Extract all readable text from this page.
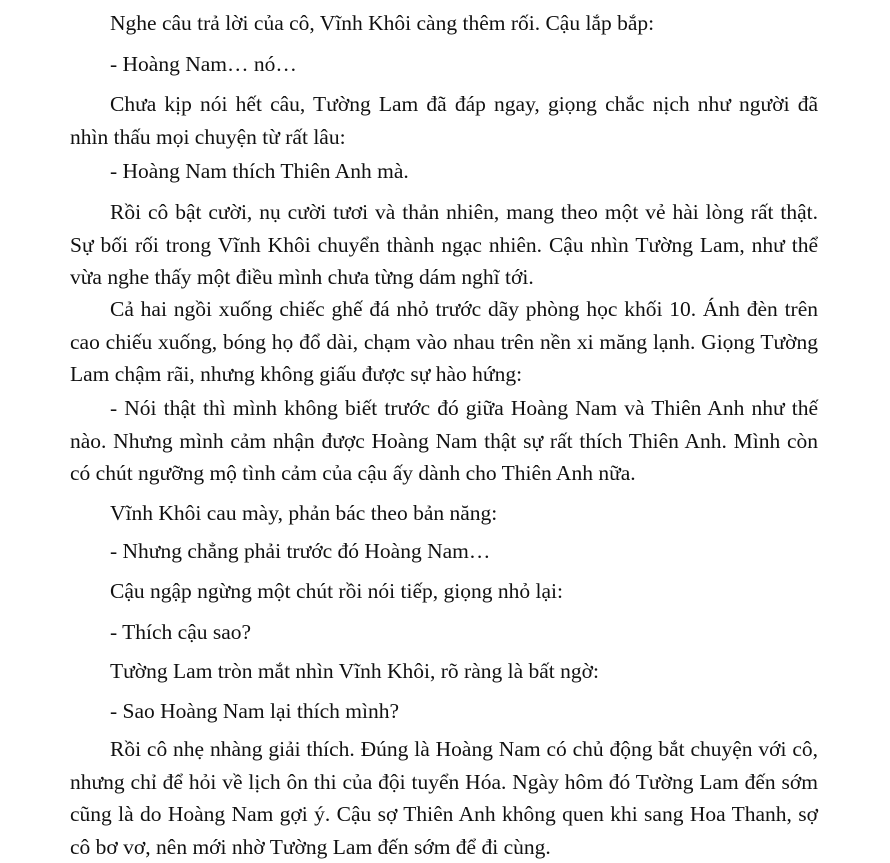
Nghe câu trả lời của cô, Vĩnh Khôi càng thêm rối. Cậu lắp bắp:

- Hoàng Nam… nó…

Chưa kịp nói hết câu, Tường Lam đã đáp ngay, giọng chắc nịch như người đã nhìn thấu mọi chuyện từ rất lâu:

- Hoàng Nam thích Thiên Anh mà.

Rồi cô bật cười, nụ cười tươi và thản nhiên, mang theo một vẻ hài lòng rất thật. Sự bối rối trong Vĩnh Khôi chuyển thành ngạc nhiên. Cậu nhìn Tường Lam, như thể vừa nghe thấy một điều mình chưa từng dám nghĩ tới.

Cả hai ngồi xuống chiếc ghế đá nhỏ trước dãy phòng học khối 10. Ánh đèn trên cao chiếu xuống, bóng họ đổ dài, chạm vào nhau trên nền xi măng lạnh. Giọng Tường Lam chậm rãi, nhưng không giấu được sự hào hứng:

- Nói thật thì mình không biết trước đó giữa Hoàng Nam và Thiên Anh như thế nào. Nhưng mình cảm nhận được Hoàng Nam thật sự rất thích Thiên Anh. Mình còn có chút ngưỡng mộ tình cảm của cậu ấy dành cho Thiên Anh nữa.

Vĩnh Khôi cau mày, phản bác theo bản năng:

- Nhưng chẳng phải trước đó Hoàng Nam…

Cậu ngập ngừng một chút rồi nói tiếp, giọng nhỏ lại:

- Thích cậu sao?

Tường Lam tròn mắt nhìn Vĩnh Khôi, rõ ràng là bất ngờ:

- Sao Hoàng Nam lại thích mình?

Rồi cô nhẹ nhàng giải thích. Đúng là Hoàng Nam có chủ động bắt chuyện với cô, nhưng chỉ để hỏi về lịch ôn thi của đội tuyển Hóa. Ngày hôm đó Tường Lam đến sớm cũng là do Hoàng Nam gợi ý. Cậu sợ Thiên Anh không quen khi sang Hoa Thanh, sợ cô bơ vơ, nên mới nhờ Tường Lam đến sớm để đi cùng.
